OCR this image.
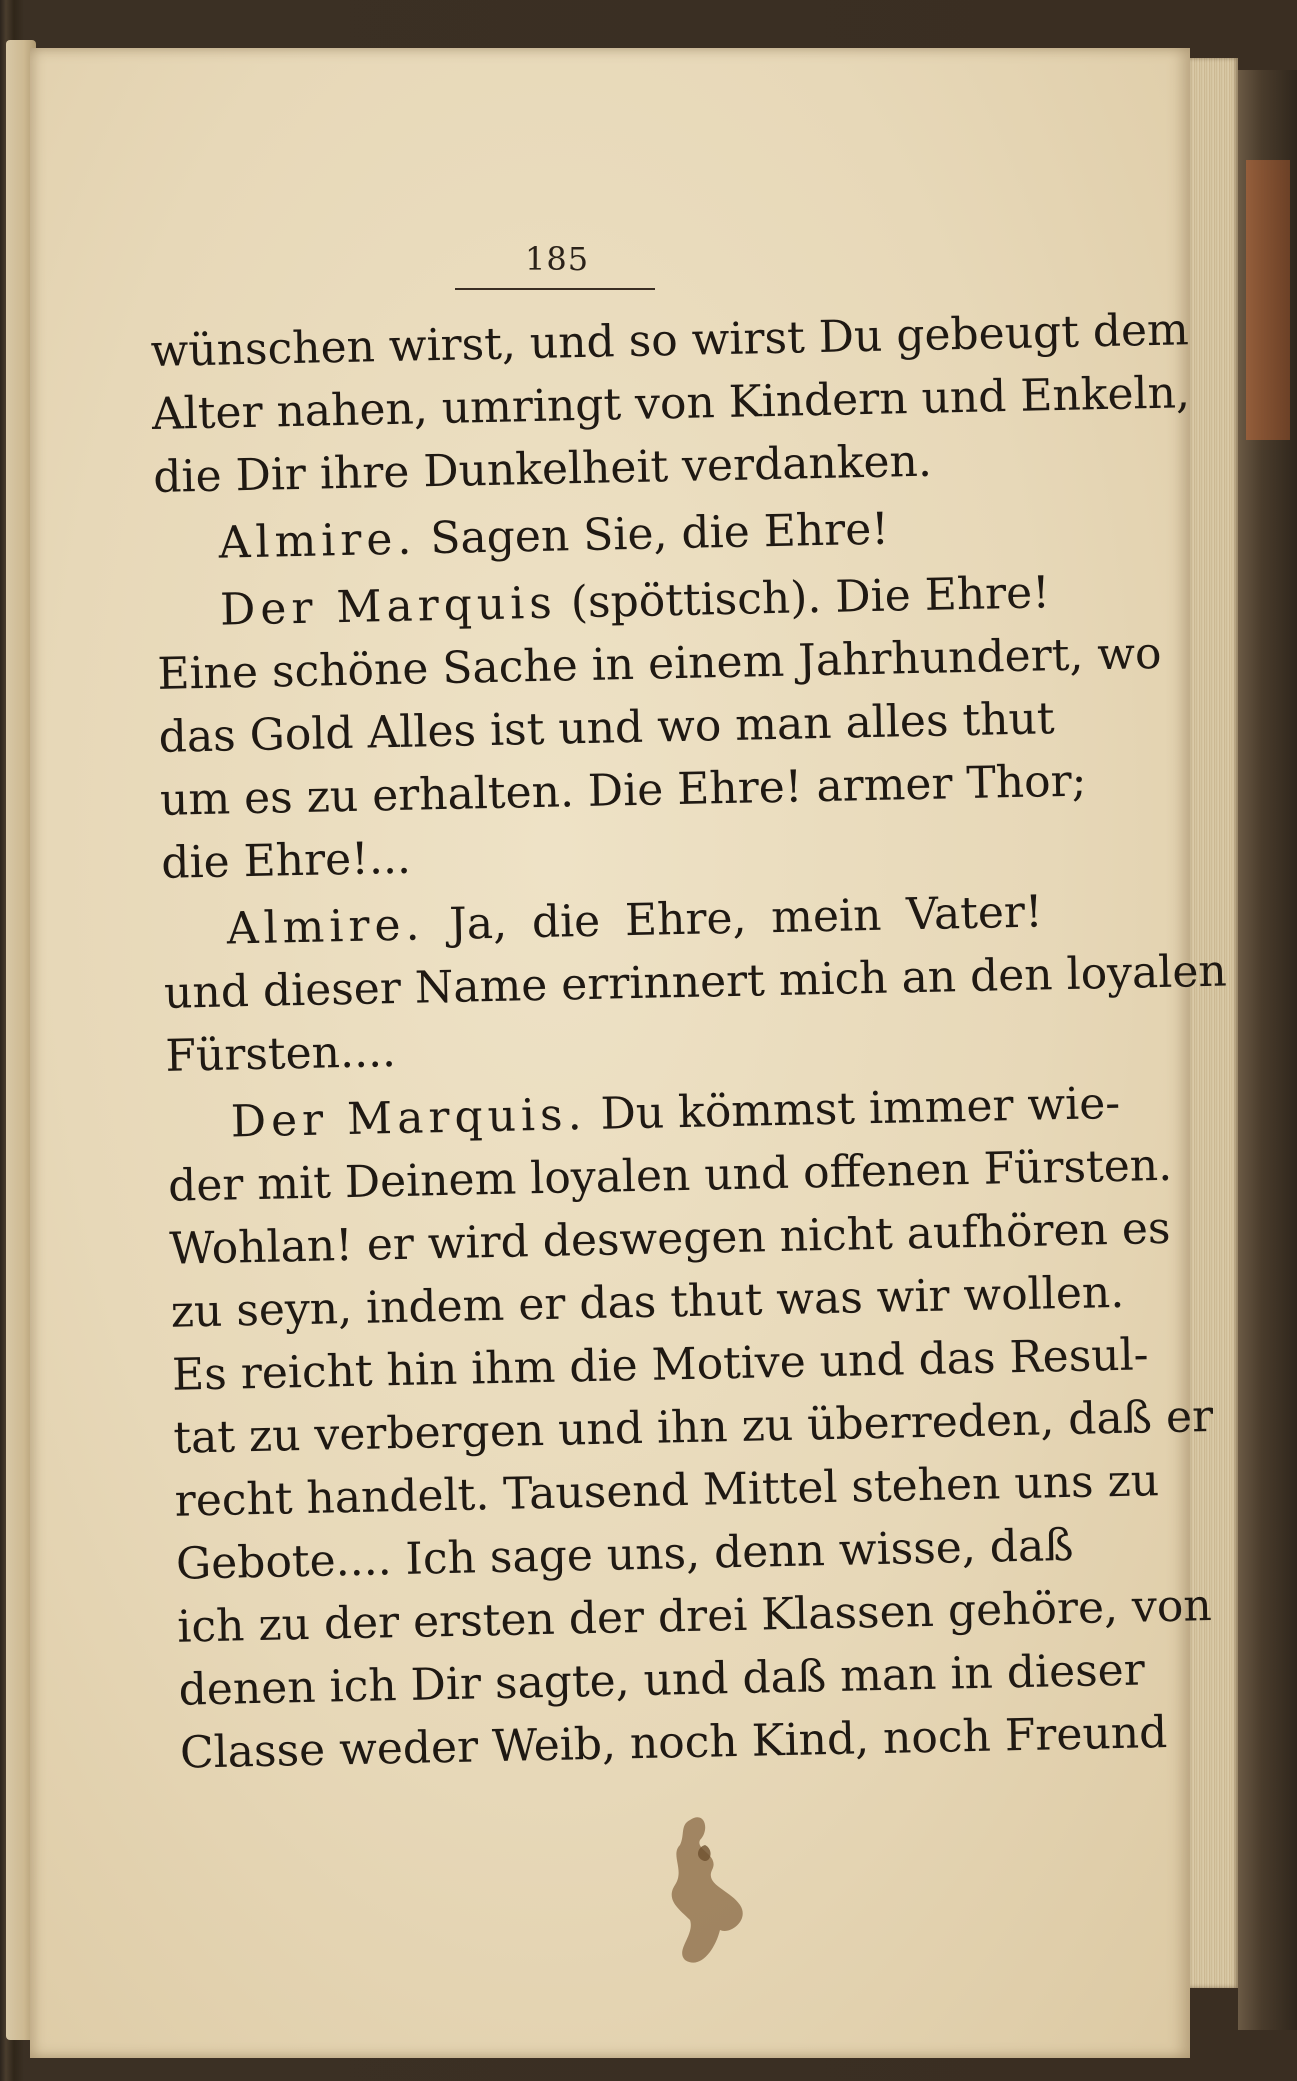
185
wünschen wirst, und so wirst Du gebeugt dem
Alter nahen, umringt von Kindern und Enkeln,
die Dir ihre Dunkelheit verdanken.
Almire. Sagen Sie, die Ehre!
Der Marquis (spöttisch). Die Ehre!
Eine schöne Sache in einem Jahrhundert, wo
das Gold Alles ist und wo man alles thut
um es zu erhalten. Die Ehre! armer Thor;
die Ehre!...
Almire. Ja, die Ehre, mein Vater!
und dieser Name errinnert mich an den loyalen
Fürsten....
Der Marquis. Du kömmst immer wie-
der mit Deinem loyalen und offenen Fürsten.
Wohlan! er wird deswegen nicht aufhören es
zu seyn, indem er das thut was wir wollen.
Es reicht hin ihm die Motive und das Resul-
tat zu verbergen und ihn zu überreden, daß er
recht handelt. Tausend Mittel stehen uns zu
Gebote.... Ich sage uns, denn wisse, daß
ich zu der ersten der drei Klassen gehöre, von
denen ich Dir sagte, und daß man in dieser
Classe weder Weib, noch Kind, noch Freund
